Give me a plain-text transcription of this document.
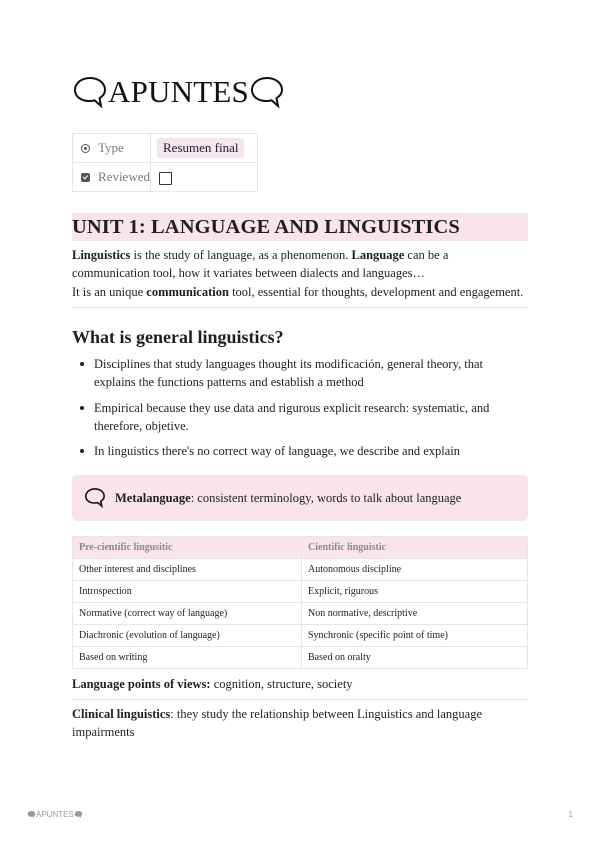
APUNTES
Type	Resumen final
Reviewed	
UNIT 1: LANGUAGE AND LINGUISTICS
Linguistics is the study of language, as a phenomenon. Language can be a communication tool, how it variates between dialects and languages…
It is an unique communication tool, essential for thoughts, development and engagement.
What is general linguistics?
Disciplines that study languages thought its modificación, general theory, that explains the functions patterns and establish a method
Empirical because they use data and rigurous explicit research: systematic, and therefore, objetive.
In linguistics there's no correct way of language, we describe and explain
Metalanguage: consistent terminology, words to talk about language
Pre-cientific lingusitic	Cientific linguistic
Other interest and disciplines	Autonomous discipline
Introspection	Explicit, rigurous
Normative (correct way of language)	Non normative, descriptive
Diachronic (evolution of language)	Synchronic (specific point of time)
Based on writing	Based on oralty
Language points of views: cognition, structure, society
Clinical linguistics: they study the relationship between Linguistics and language impairments
APUNTES	1
